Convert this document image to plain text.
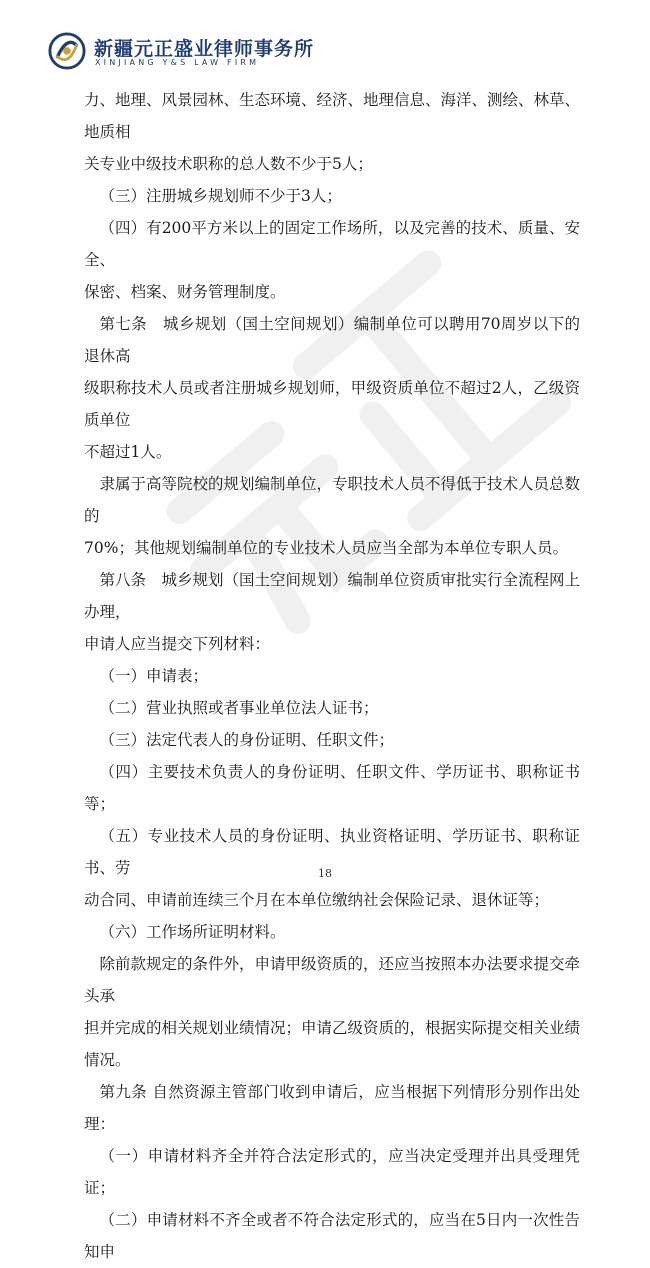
新疆元正盛业律师事务所
XINJIANG Y&S LAW FIRM

力、地理、风景园林、生态环境、经济、地理信息、海洋、测绘、林草、地质相

关专业中级技术职称的总人数不少于5人；

（三）注册城乡规划师不少于3人；

（四）有200平方米以上的固定工作场所，以及完善的技术、质量、安全、

保密、档案、财务管理制度。

第七条　城乡规划（国土空间规划）编制单位可以聘用70周岁以下的退休高

级职称技术人员或者注册城乡规划师，甲级资质单位不超过2人，乙级资质单位

不超过1人。

隶属于高等院校的规划编制单位，专职技术人员不得低于技术人员总数的

70%；其他规划编制单位的专业技术人员应当全部为本单位专职人员。

第八条　城乡规划（国土空间规划）编制单位资质审批实行全流程网上办理，

申请人应当提交下列材料：

（一）申请表；

（二）营业执照或者事业单位法人证书；

（三）法定代表人的身份证明、任职文件；

（四）主要技术负责人的身份证明、任职文件、学历证书、职称证书等；

（五）专业技术人员的身份证明、执业资格证明、学历证书、职称证书、劳

动合同、申请前连续三个月在本单位缴纳社会保险记录、退休证等；

（六）工作场所证明材料。

除前款规定的条件外，申请甲级资质的，还应当按照本办法要求提交牵头承

担并完成的相关规划业绩情况；申请乙级资质的，根据实际提交相关业绩情况。

第九条 自然资源主管部门收到申请后，应当根据下列情形分别作出处理：

（一）申请材料齐全并符合法定形式的，应当决定受理并出具受理凭证；

（二）申请材料不齐全或者不符合法定形式的，应当在5日内一次性告知申

18
